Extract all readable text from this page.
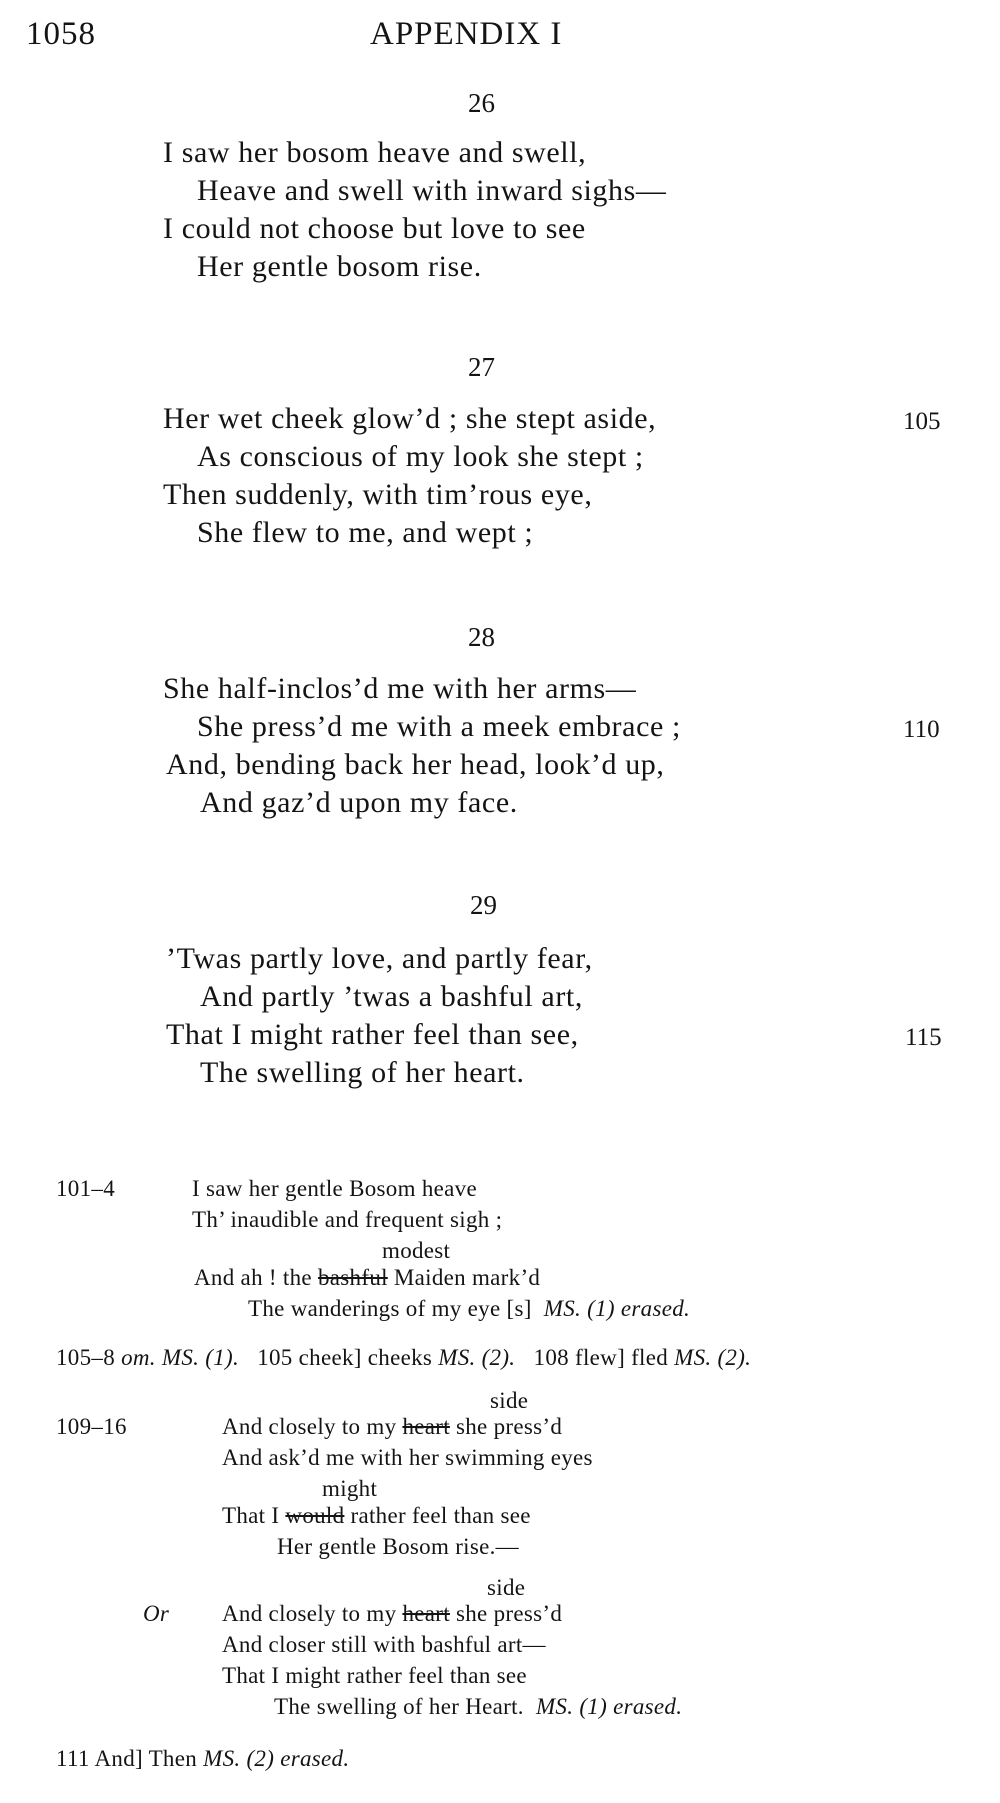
1058	APPENDIX I
26
I saw her bosom heave and swell,
Heave and swell with inward sighs—
I could not choose but love to see
Her gentle bosom rise.
27
Her wet cheek glow’d ; she stept aside,	105
As conscious of my look she stept ;
Then suddenly, with tim’rous eye,
She flew to me, and wept ;
28
She half-inclos’d me with her arms—
She press’d me with a meek embrace ;	110
And, bending back her head, look’d up,
And gaz’d upon my face.
29
’Twas partly love, and partly fear,
And partly ’twas a bashful art,
That I might rather feel than see,	115
The swelling of her heart.
101–4	I saw her gentle Bosom heave
Th’ inaudible and frequent sigh ;
modest
And ah ! the bashful Maiden mark’d
The wanderings of my eye [s] MS. (1) erased.
105–8 om. MS. (1). 105 cheek] cheeks MS. (2). 108 flew] fled MS. (2).
side
109–16	And closely to my heart she press’d
And ask’d me with her swimming eyes
might
That I would rather feel than see
Her gentle Bosom rise.—
side
Or And closely to my heart she press’d
And closer still with bashful art—
That I might rather feel than see
The swelling of her Heart. MS. (1) erased.
111 And] Then MS. (2) erased.
